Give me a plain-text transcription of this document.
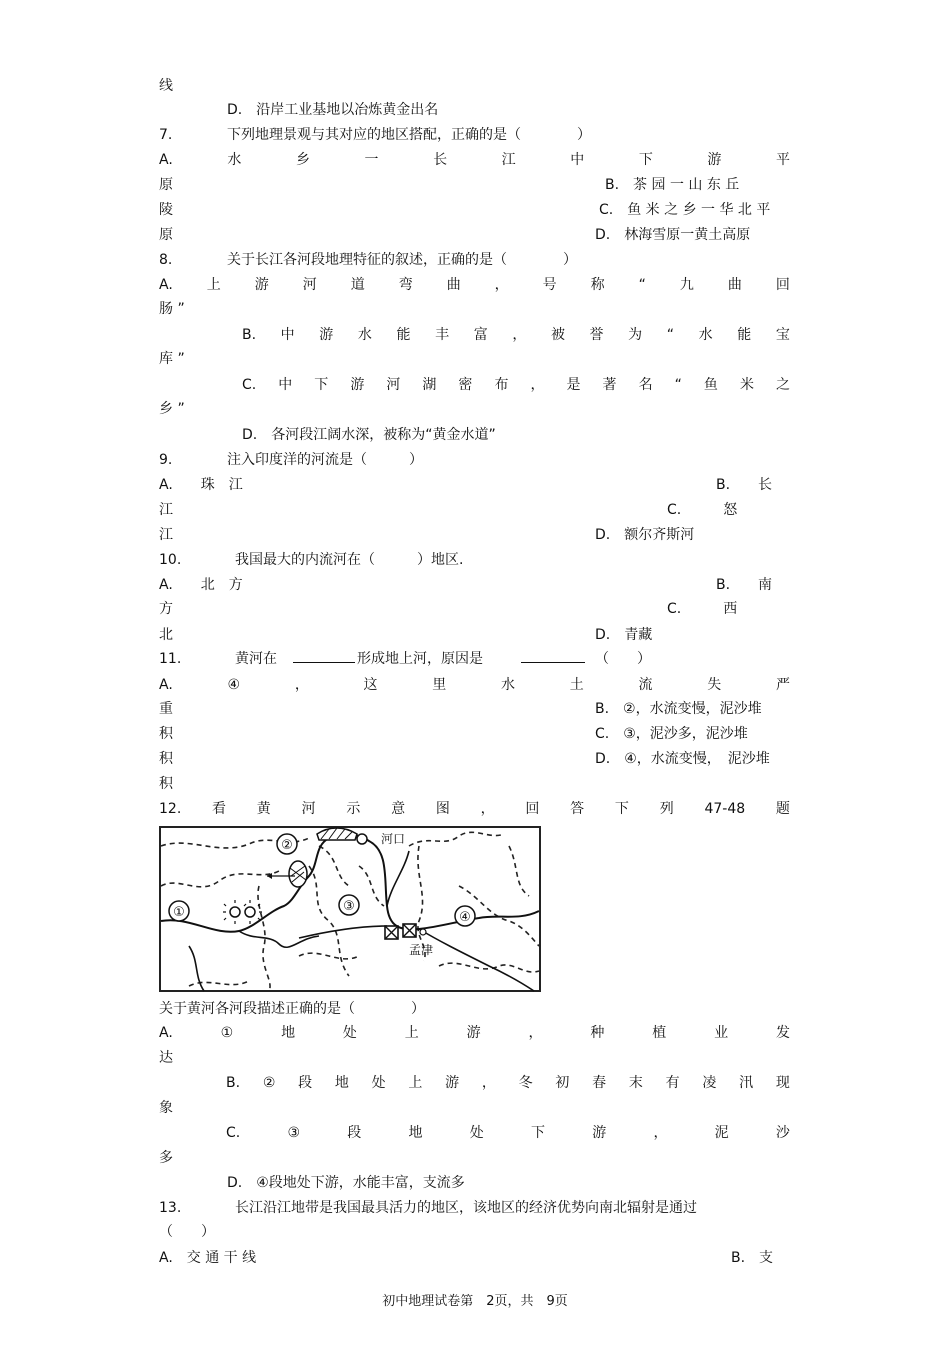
线
D.　沿岸工业基地以冶炼黄金出名
7.	下列地理景观与其对应的地区搭配，正确的是（　　　　）
A.	水	乡	一	长	江	中	下	游	平
原	B.　茶 园 一 山 东 丘
陵	C.　鱼 米 之 乡 一 华 北 平
原	D.　林海雪原一黄土高原
8.	关于长江各河段地理特征的叙述，正确的是（　　　　）
A. 上 游 河 道 弯 曲 ， 号 称 “ 九 曲 回
肠 ”
B. 中 游 水 能 丰 富 ， 被 誉 为 “ 水 能 宝
库 ”
C. 中 下 游 河 湖 密 布 ， 是 著 名 “ 鱼 米 之
乡 ”
D.　各河段江阔水深，被称为“黄金水道”
9.	注入印度洋的河流是（　　　）
A.　　珠　江	B.　　长
江	C.　　　怒
江	D.　额尔齐斯河
10.	我国最大的内流河在（　　　）地区.
A.　　北　方	B.　　南
方	C.　　　西
北	D.　青藏
11.	黄河在	形成地上河，原因是	（　　）
A.	④	，	这	里	水	土	流	失	严
重	B.　②，水流变慢，泥沙堆
积	C.　③，泥沙多，泥沙堆
积	D.　④，水流变慢，　泥沙堆
积
12. 看 黄 河 示 意 图 ， 回 答 下 列 47-48 题
①
②
③
④
河口
孟津
关于黄河各河段描述正确的是（　　　　）
A.	①	地	处	上	游	，	种	植	业	发
达
B. ② 段 地 处 上 游 ， 冬 初 春 末 有 凌 汛 现
象
C.	③	段	地	处	下	游	，	泥	沙
多
D.　④段地处下游，水能丰富，支流多
13.	长江沿江地带是我国最具活力的地区，该地区的经济优势向南北辐射是通过
（　　）
A.　交 通 干 线	B.　支
初中地理试卷第　2页，共　9页
